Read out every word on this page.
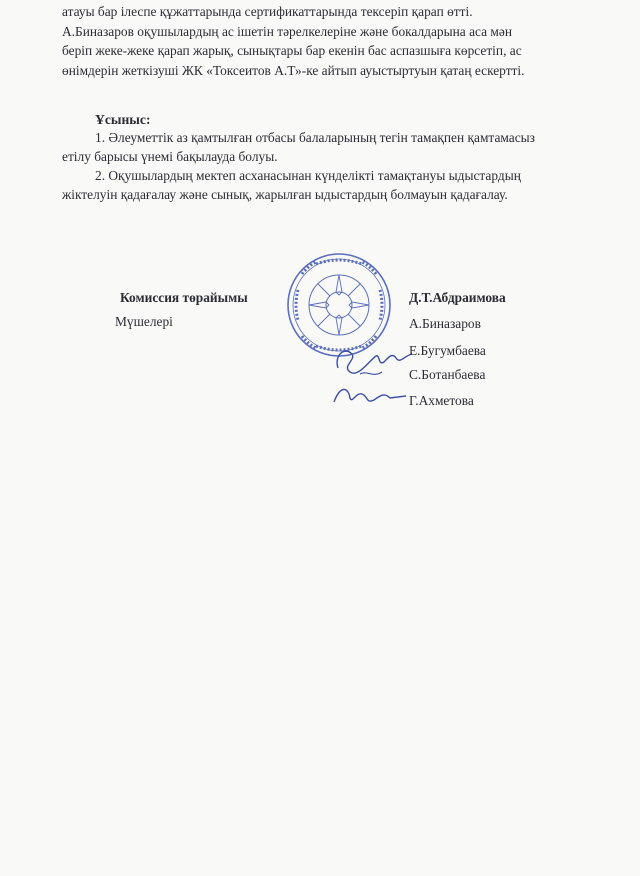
атауы бар ілеспе құжаттарында сертификаттарында тексеріп қарап өтті.
А.Биназаров оқушылардың ас ішетін тәрелкелеріне және бокалдарына аса мән
беріп жеке-жеке қарап жарық, сынықтары бар екенін бас аспазшыға көрсетіп, ас
өнімдерін жеткізуші ЖК «Токсеитов А.Т»-ке айтып ауыстыртуын қатаң ескертті.
Ұсыныс:
1. Әлеуметтік аз қамтылған отбасы балаларының тегін тамақпен қамтамасыз
етілу барысы үнемі бақылауда болуы.
2. Оқушылардың мектеп асханасынан күнделікті тамақтануы ыдыстардың
жіктелуін қадағалау және сынық, жарылған ыдыстардың болмауын қадағалау.
Комиссия төрайымы
Мүшелері
Д.Т.Абдраимова
А.Биназаров
Е.Бугумбаева
С.Ботанбаева
Г.Ахметова
